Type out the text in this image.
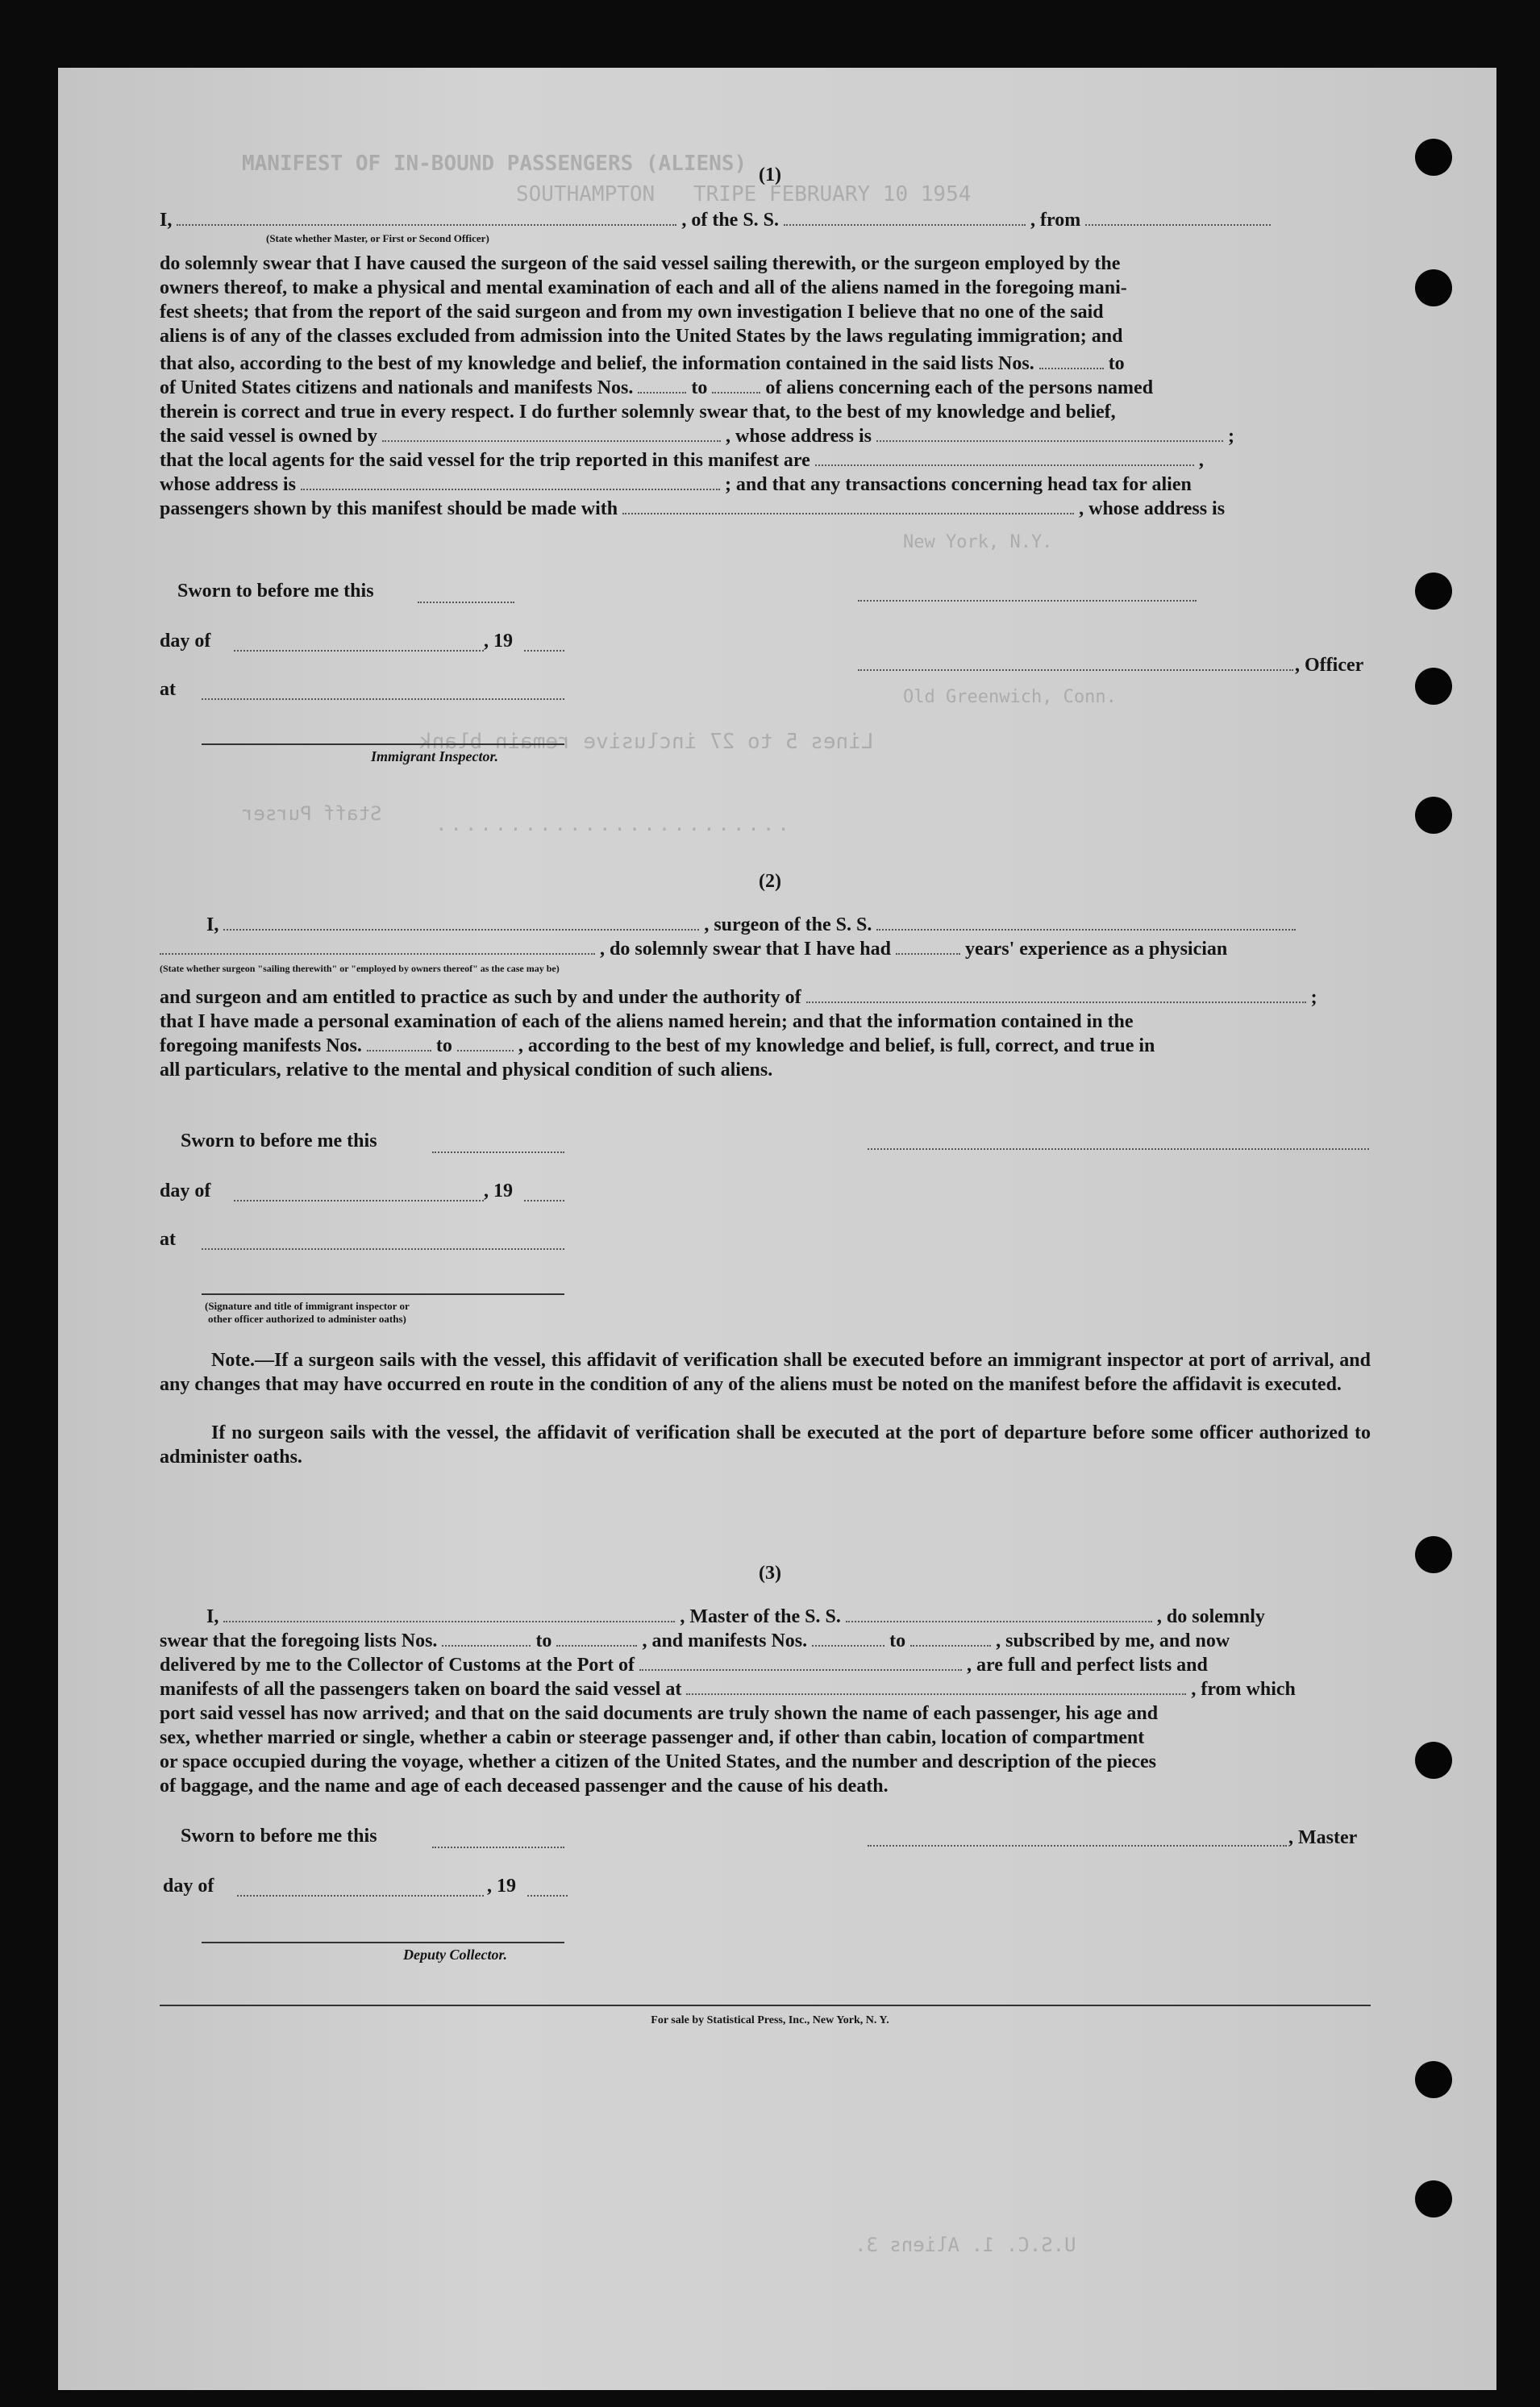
MANIFEST OF IN-BOUND PASSENGERS (ALIENS)
SOUTHAMPTON TRIPE FEBRUARY 10 1954
Lines 5 to 27 inclusive remain blank
Staff Purser
U.S.C. 1. Aliens 3.
New York, N.Y.
Old Greenwich, Conn.
........................
(1)
I,	, of the S. S.	, from
(State whether Master, or First or Second Officer)
do solemnly swear that I have caused the surgeon of the said vessel sailing therewith, or the surgeon employed by the
owners thereof, to make a physical and mental examination of each and all of the aliens named in the foregoing mani-
fest sheets; that from the report of the said surgeon and from my own investigation I believe that no one of the said
aliens is of any of the classes excluded from admission into the United States by the laws regulating immigration; and
that also, according to the best of my knowledge and belief, the information contained in the said lists Nos.	to
of United States citizens and nationals and manifests Nos.	to	of aliens concerning each of the persons named
therein is correct and true in every respect. I do further solemnly swear that, to the best of my knowledge and belief,
the said vessel is owned by	, whose address is	;
that the local agents for the said vessel for the trip reported in this manifest are	,
whose address is	; and that any transactions concerning head tax for alien
passengers shown by this manifest should be made with	, whose address is
Sworn to before me this
day of	, 19
at
, Officer
Immigrant Inspector.
(2)
I,	, surgeon of the S. S.
, do solemnly swear that I have had	years' experience as a physician
(State whether surgeon "sailing therewith" or "employed by owners thereof" as the case may be)
and surgeon and am entitled to practice as such by and under the authority of	;
that I have made a personal examination of each of the aliens named herein; and that the information contained in the
foregoing manifests Nos.	to	, according to the best of my knowledge and belief, is full, correct, and true in
all particulars, relative to the mental and physical condition of such aliens.
Sworn to before me this
day of	, 19
at
(Signature and title of immigrant inspector or
other officer authorized to administer oaths)
Note.—If a surgeon sails with the vessel, this affidavit of verification shall be executed before an immigrant inspector at port of arrival, and any changes that may have occurred en route in the condition of any of the aliens must be noted on the manifest before the affidavit is executed.
If no surgeon sails with the vessel, the affidavit of verification shall be executed at the port of departure before some officer authorized to administer oaths.
(3)
I,	, Master of the S. S.	, do solemnly
swear that the foregoing lists Nos.	to	, and manifests Nos.	to	, subscribed by me, and now
delivered by me to the Collector of Customs at the Port of	, are full and perfect lists and
manifests of all the passengers taken on board the said vessel at	, from which
port said vessel has now arrived; and that on the said documents are truly shown the name of each passenger, his age and
sex, whether married or single, whether a cabin or steerage passenger and, if other than cabin, location of compartment
or space occupied during the voyage, whether a citizen of the United States, and the number and description of the pieces
of baggage, and the name and age of each deceased passenger and the cause of his death.
Sworn to before me this	, Master
day of	, 19
Deputy Collector.
For sale by Statistical Press, Inc., New York, N. Y.
